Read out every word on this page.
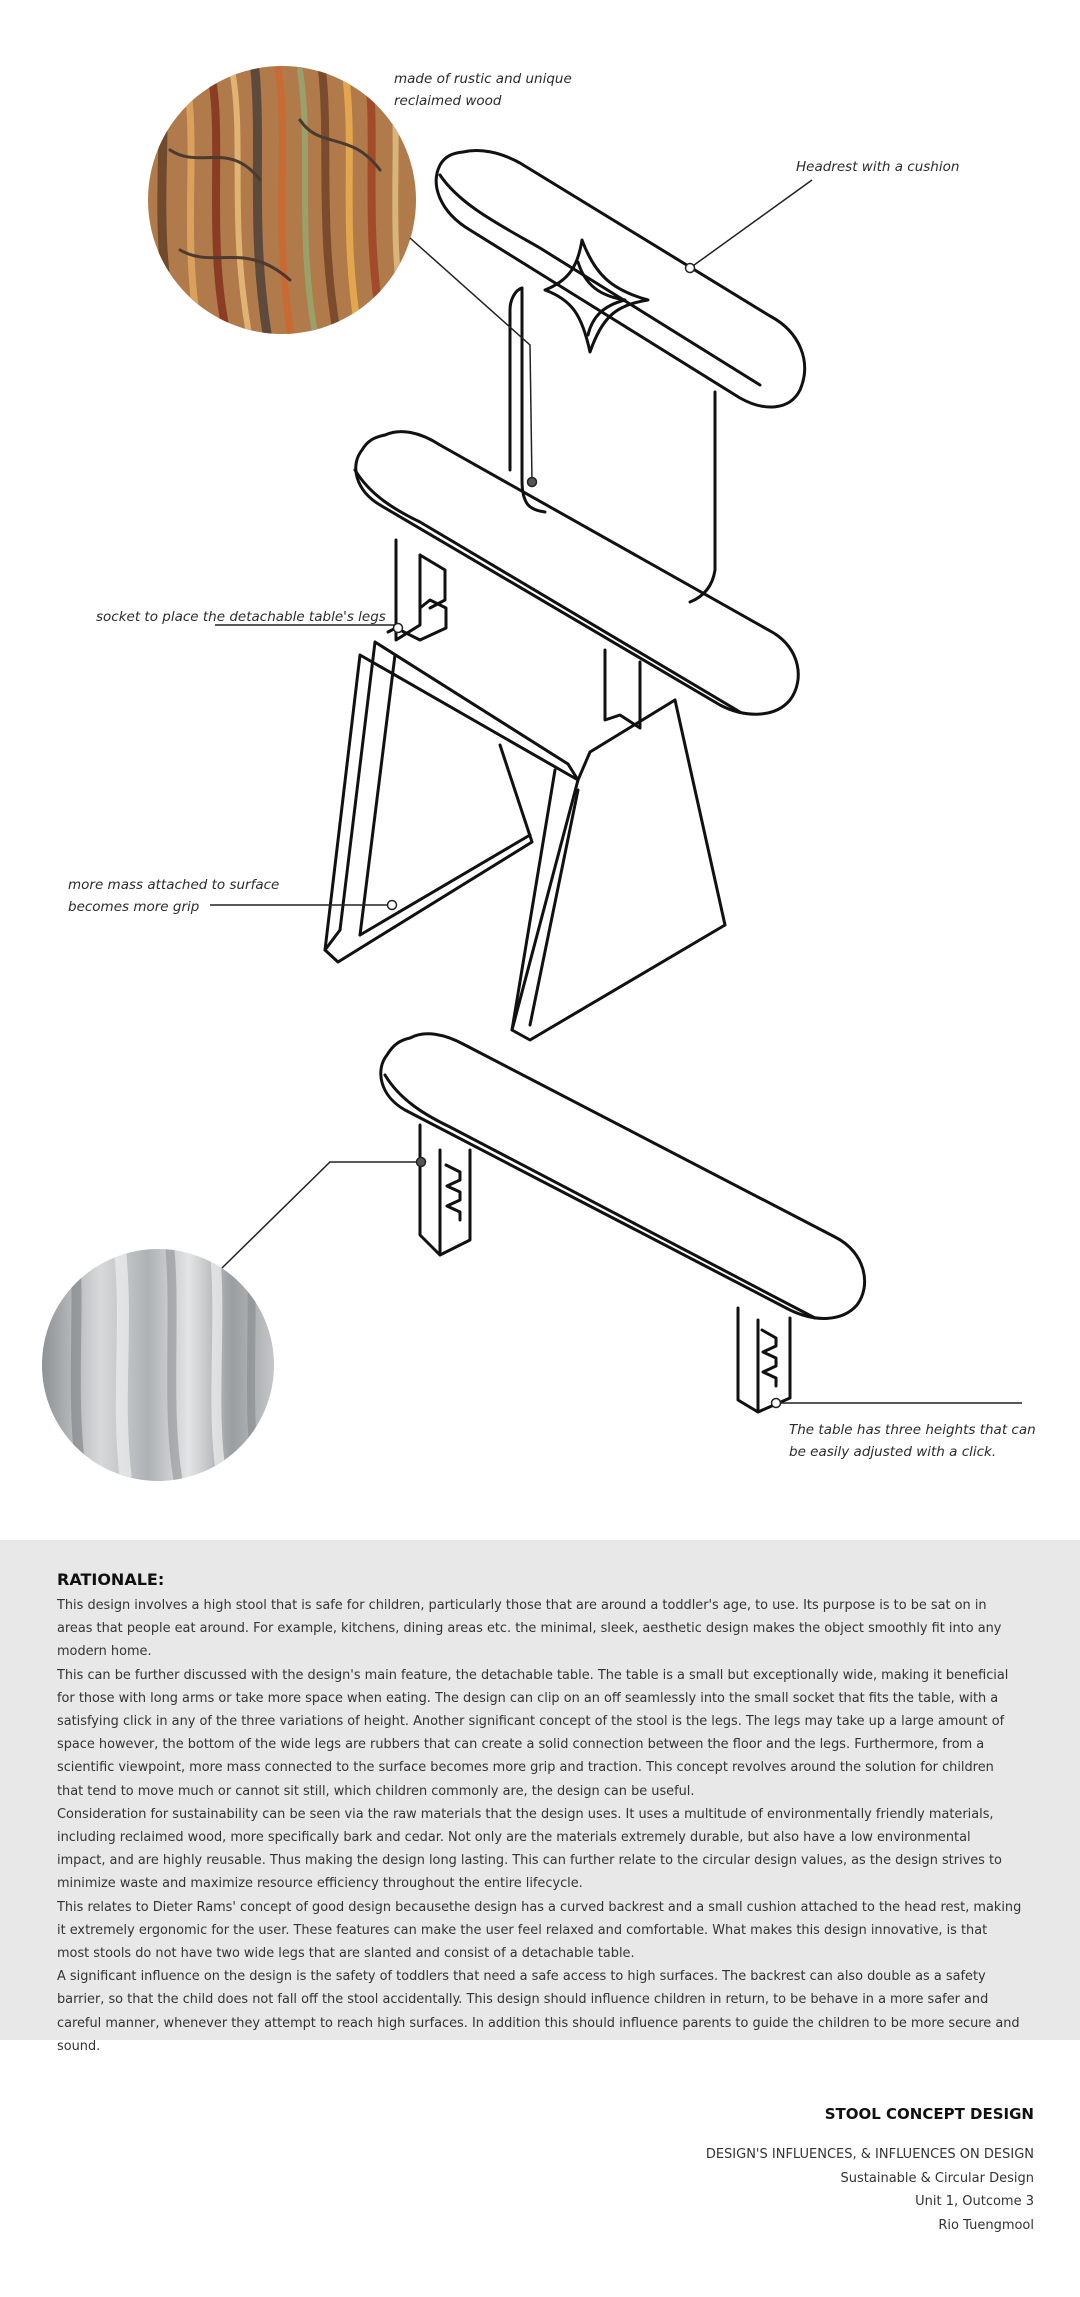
made of rustic and unique
reclaimed wood
Headrest with a cushion
socket to place the detachable table's legs
more mass attached to surface
becomes more grip
The table has three heights that can
be easily adjusted with a click.
RATIONALE:

This design involves a high stool that is safe for children, particularly those that are around a toddler's age, to use. Its purpose is to be sat on in areas that people eat around. For example, kitchens, dining areas etc. the minimal, sleek, aesthetic design makes the object smoothly fit into any modern home.

This can be further discussed with the design's main feature, the detachable table. The table is a small but exceptionally wide, making it beneficial for those with long arms or take more space when eating. The design can clip on an off seamlessly into the small socket that fits the table, with a satisfying click in any of the three variations of height. Another significant concept of the stool is the legs. The legs may take up a large amount of space however, the bottom of the wide legs are rubbers that can create a solid connection between the floor and the legs. Furthermore, from a scientific viewpoint, more mass connected to the surface becomes more grip and traction. This concept revolves around the solution for children that tend to move much or cannot sit still, which children commonly are, the design can be useful.

Consideration for sustainability can be seen via the raw materials that the design uses. It uses a multitude of environmentally friendly materials, including reclaimed wood, more specifically bark and cedar. Not only are the materials extremely durable, but also have a low environmental impact, and are highly reusable. Thus making the design long lasting. This can further relate to the circular design values, as the design strives to minimize waste and maximize resource efficiency throughout the entire lifecycle.

This relates to Dieter Rams' concept of good design becausethe design has a curved backrest and a small cushion attached to the head rest, making it extremely ergonomic for the user. These features can make the user feel relaxed and comfortable. What makes this design innovative, is that most stools do not have two wide legs that are slanted and consist of a detachable table.

A significant influence on the design is the safety of toddlers that need a safe access to high surfaces. The backrest can also double as a safety barrier, so that the child does not fall off the stool accidentally. This design should influence children in return, to be behave in a more safer and careful manner, whenever they attempt to reach high surfaces. In addition this should influence parents to guide the children to be more secure and sound.

STOOL CONCEPT DESIGN
DESIGN'S INFLUENCES, & INFLUENCES ON DESIGN
Sustainable & Circular Design
Unit 1, Outcome 3
Rio Tuengmool
